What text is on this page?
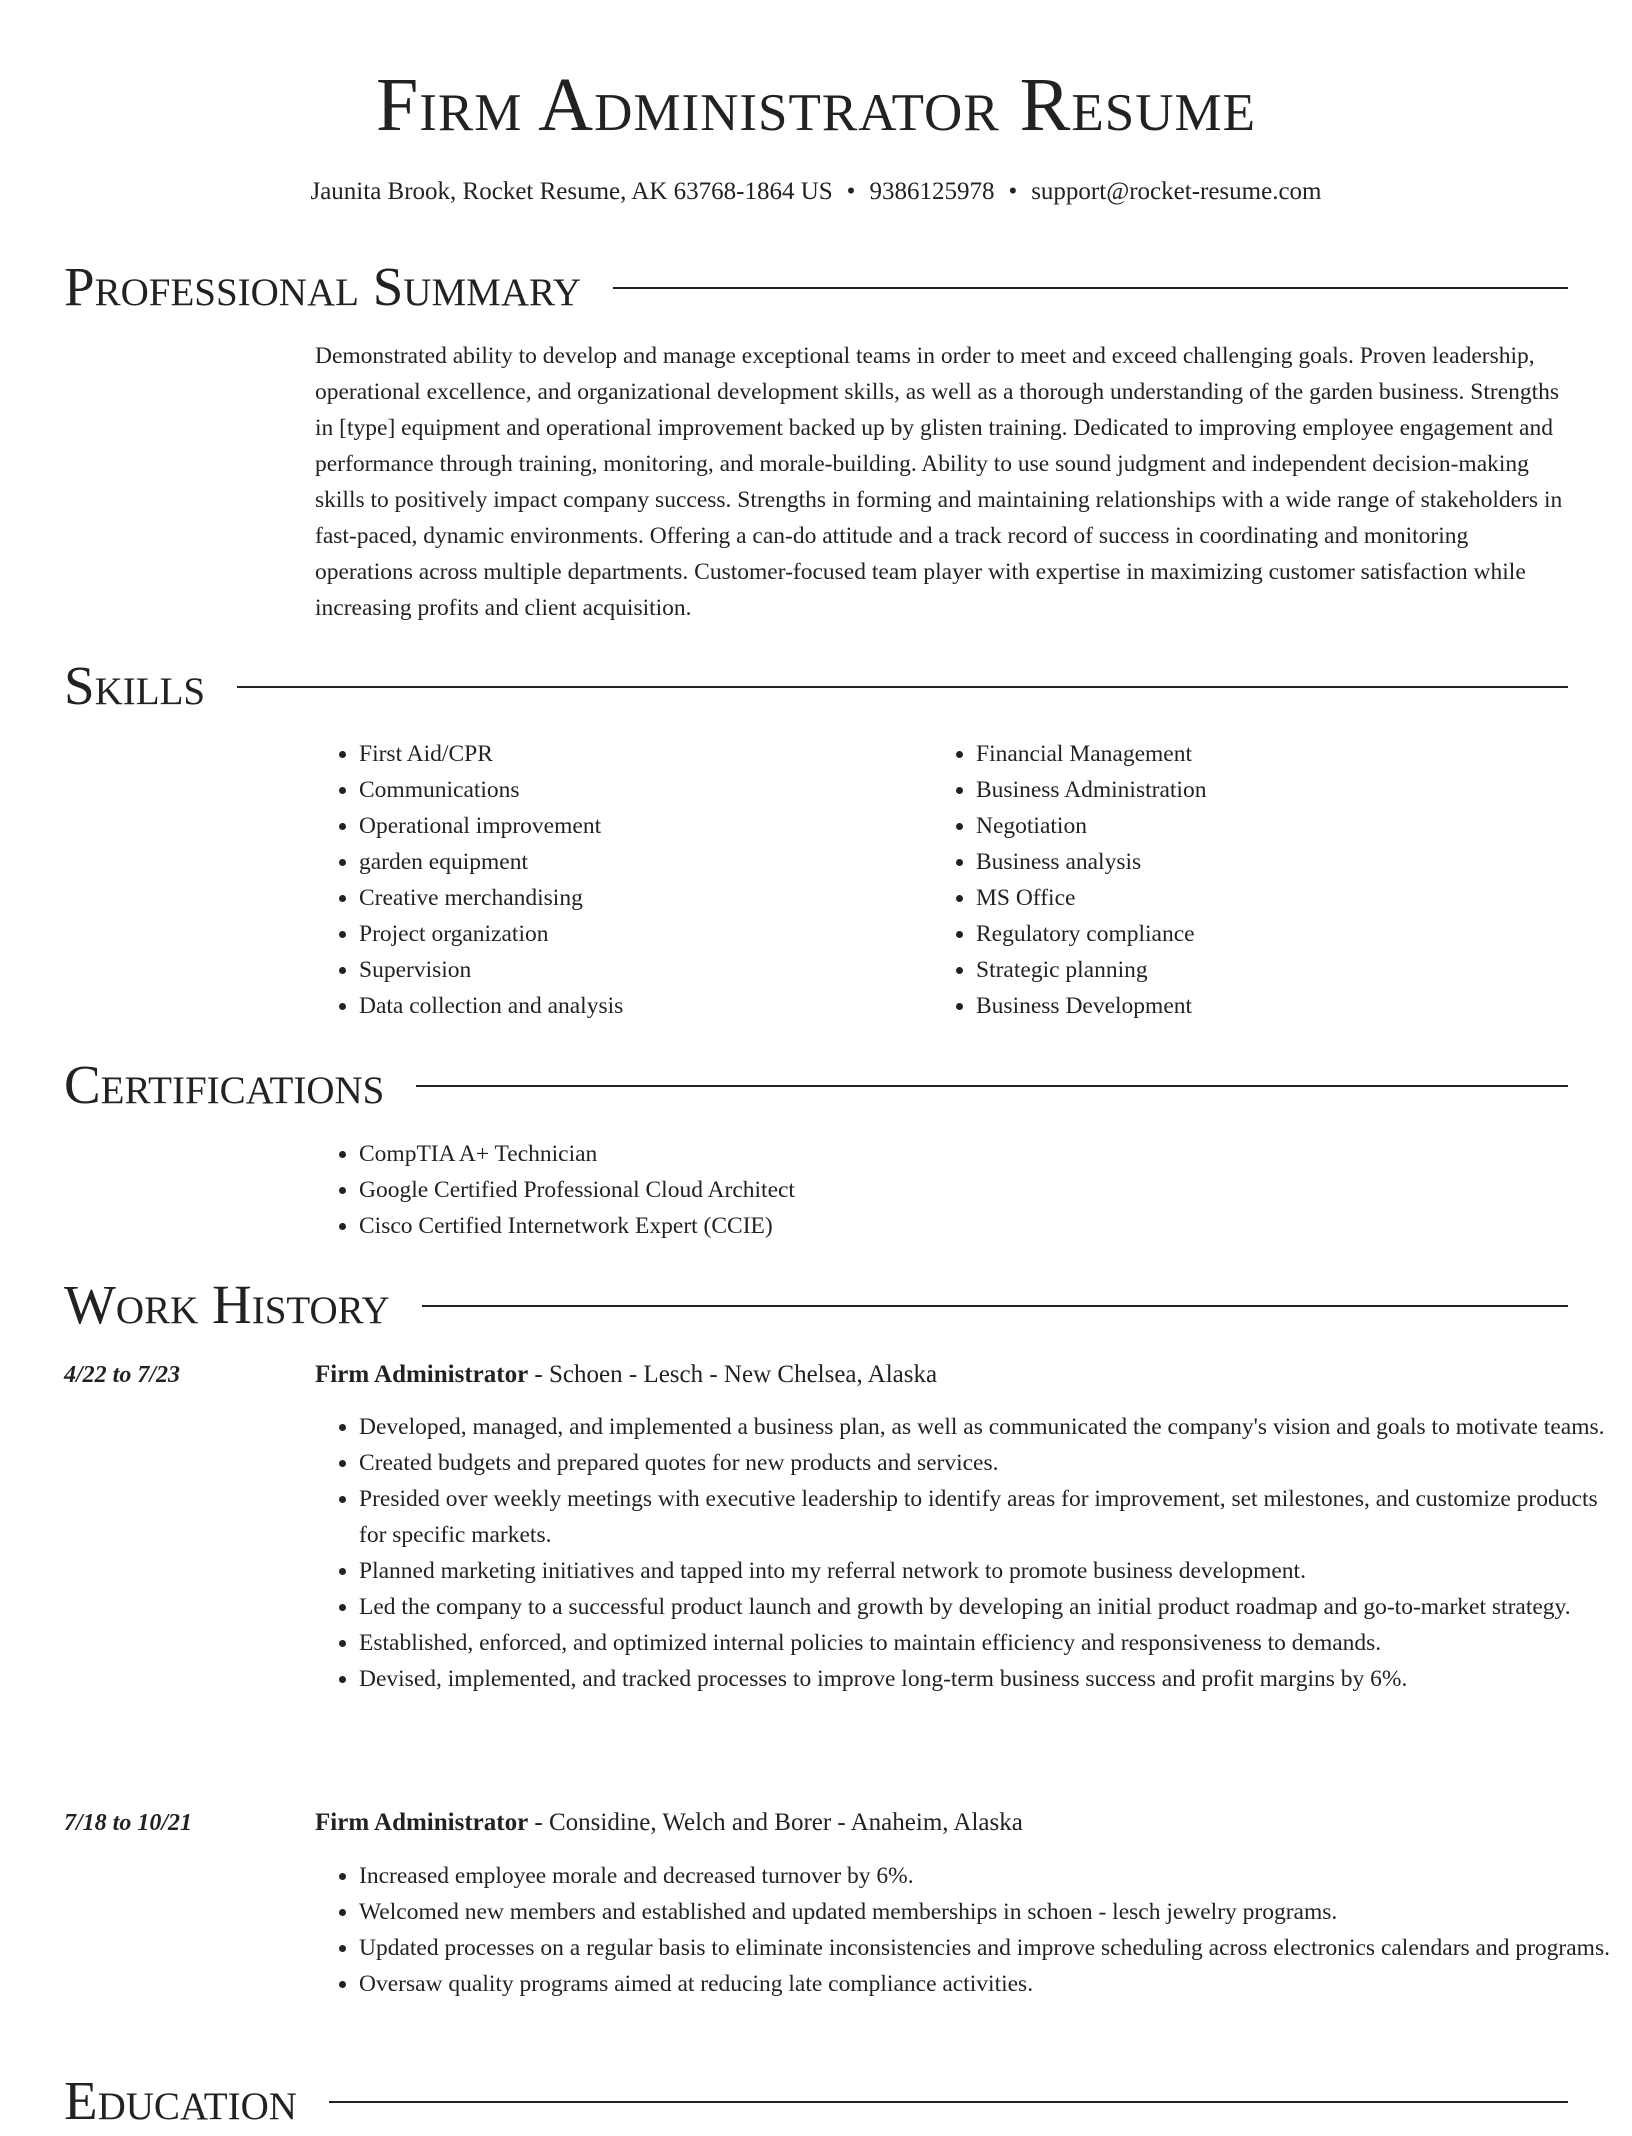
Firm Administrator Resume
Jaunita Brook, Rocket Resume, AK 63768-1864 US • 9386125978 • support@rocket-resume.com
Professional Summary
Demonstrated ability to develop and manage exceptional teams in order to meet and exceed challenging goals. Proven leadership, operational excellence, and organizational development skills, as well as a thorough understanding of the garden business. Strengths in [type] equipment and operational improvement backed up by glisten training. Dedicated to improving employee engagement and performance through training, monitoring, and morale-building. Ability to use sound judgment and independent decision-making skills to positively impact company success. Strengths in forming and maintaining relationships with a wide range of stakeholders in fast-paced, dynamic environments. Offering a can-do attitude and a track record of success in coordinating and monitoring operations across multiple departments. Customer-focused team player with expertise in maximizing customer satisfaction while increasing profits and client acquisition.
Skills
• First Aid/CPR
• Communications
• Operational improvement
• garden equipment
• Creative merchandising
• Project organization
• Supervision
• Data collection and analysis
• Financial Management
• Business Administration
• Negotiation
• Business analysis
• MS Office
• Regulatory compliance
• Strategic planning
• Business Development
Certifications
• CompTIA A+ Technician
• Google Certified Professional Cloud Architect
• Cisco Certified Internetwork Expert (CCIE)
Work History
4/22 to 7/23	Firm Administrator - Schoen - Lesch - New Chelsea, Alaska
• Developed, managed, and implemented a business plan, as well as communicated the company's vision and goals to motivate teams.
• Created budgets and prepared quotes for new products and services.
• Presided over weekly meetings with executive leadership to identify areas for improvement, set milestones, and customize products for specific markets.
• Planned marketing initiatives and tapped into my referral network to promote business development.
• Led the company to a successful product launch and growth by developing an initial product roadmap and go-to-market strategy.
• Established, enforced, and optimized internal policies to maintain efficiency and responsiveness to demands.
• Devised, implemented, and tracked processes to improve long-term business success and profit margins by 6%.
7/18 to 10/21	Firm Administrator - Considine, Welch and Borer - Anaheim, Alaska
• Increased employee morale and decreased turnover by 6%.
• Welcomed new members and established and updated memberships in schoen - lesch jewelry programs.
• Updated processes on a regular basis to eliminate inconsistencies and improve scheduling across electronics calendars and programs.
• Oversaw quality programs aimed at reducing late compliance activities.
Education
